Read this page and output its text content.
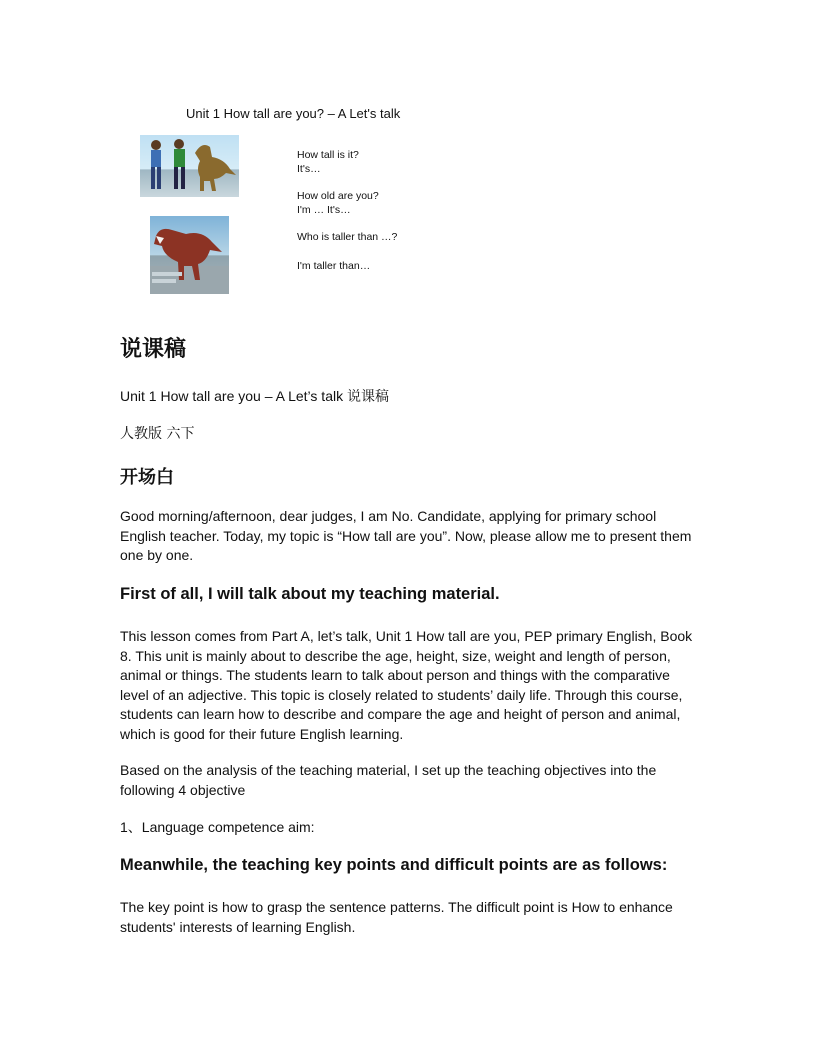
Unit 1 How tall are you? – A Let's talk
How tall is it?
It's…
How old are you?
I'm … It's…
Who is taller than …?
I'm taller than…
说课稿
Unit 1 How tall are you – A Let’s talk 说课稿
人教版 六下
开场白
Good morning/afternoon, dear judges, I am No. Candidate, applying for primary school English teacher. Today, my topic is “How tall are you”. Now, please allow me to present them one by one.
First of all, I will talk about my teaching material.
This lesson comes from Part A, let’s talk, Unit 1 How tall are you, PEP primary English, Book 8. This unit is mainly about to describe the age, height, size, weight and length of person, animal or things. The students learn to talk about person and things with the comparative level of an adjective. This topic is closely related to students’ daily life. Through this course, students can learn how to describe and compare the age and height of person and animal, which is good for their future English learning.
Based on the analysis of the teaching material, I set up the teaching objectives into the following 4 objective
1、Language competence aim:
Meanwhile, the teaching key points and difficult points are as follows:
The key point is how to grasp the sentence patterns. The difficult point is How to enhance students' interests of learning English.
